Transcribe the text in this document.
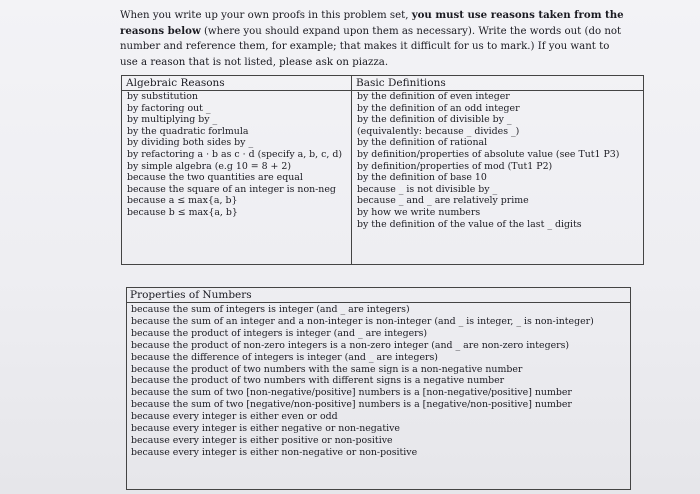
When you write up your own proofs in this problem set, you must use reasons taken from the reasons below (where you should expand upon them as necessary). Write the words out (do not number and reference them, for example; that makes it difficult for us to mark.) If you want to use a reason that is not listed, please ask on piazza.
Algebraic Reasons
by substitution
by factoring out _
by multiplying by _
by the quadratic forlmula
by dividing both sides by _
by refactoring a · b as c · d (specify a, b, c, d)
by simple algebra (e.g 10 = 8 + 2)
because the two quantities are equal
because the square of an integer is non-neg
because a ≤ max{a, b}
because b ≤ max{a, b}
Basic Definitions
by the definition of even integer
by the definition of an odd integer
by the definition of divisible by _
(equivalently: because _ divides _)
by the definition of rational
by definition/properties of absolute value (see Tut1 P3)
by definition/properties of mod (Tut1 P2)
by the definition of base 10
because _ is not divisible by _
because _ and _ are relatively prime
by how we write numbers
by the definition of the value of the last _ digits
Properties of Numbers
because the sum of integers is integer (and _ are integers)
because the sum of an integer and a non-integer is non-integer (and _ is integer, _ is non-integer)
because the product of integers is integer (and _ are integers)
because the product of non-zero integers is a non-zero integer (and _ are non-zero integers)
because the difference of integers is integer (and _ are integers)
because the product of two numbers with the same sign is a non-negative number
because the product of two numbers with different signs is a negative number
because the sum of two [non-negative/positive] numbers is a [non-negative/positive] number
because the sum of two [negative/non-positive] numbers is a [negative/non-positive] number
because every integer is either even or odd
because every integer is either negative or non-negative
because every integer is either positive or non-positive
because every integer is either non-negative or non-positive
